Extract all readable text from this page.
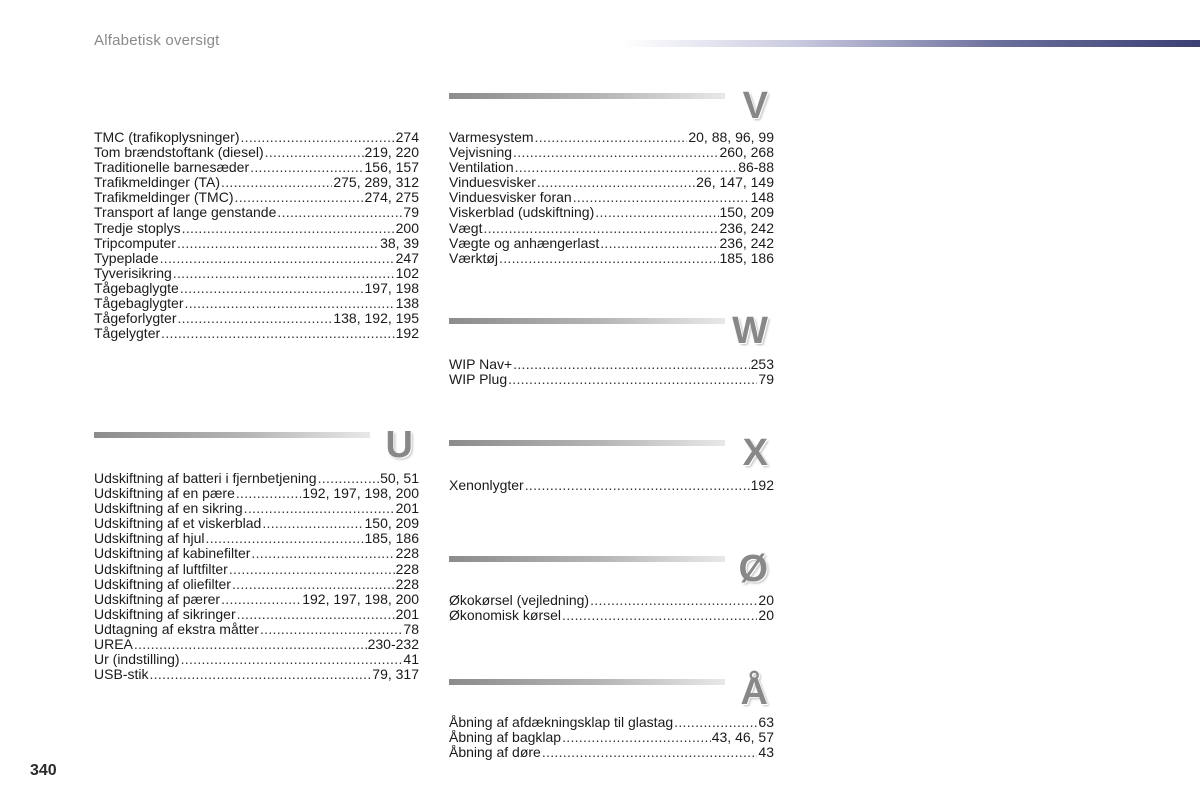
Alfabetisk oversigt
TMC (trafikoplysninger) .....	274
Tom brændstoftank (diesel) .....	219, 220
Traditionelle barnesæder .....	156, 157
Trafikmeldinger (TA) .....	275, 289, 312
Trafikmeldinger (TMC) .....	274, 275
Transport af lange genstande .....	79
Tredje stoplys .....	200
Tripcomputer .....	38, 39
Typeplade .....	247
Tyverisikring .....	102
Tågebaglygte .....	197, 198
Tågebaglygter .....	138
Tågeforlygter .....	138, 192, 195
Tågelygter .....	192
U
Udskiftning af batteri i fjernbetjening .....	50, 51
Udskiftning af en pære .....	192, 197, 198, 200
Udskiftning af en sikring .....	201
Udskiftning af et viskerblad .....	150, 209
Udskiftning af hjul .....	185, 186
Udskiftning af kabinefilter .....	228
Udskiftning af luftfilter .....	228
Udskiftning af oliefilter .....	228
Udskiftning af pærer .....	192, 197, 198, 200
Udskiftning af sikringer .....	201
Udtagning af ekstra måtter .....	78
UREA .....	230-232
Ur (indstilling) .....	41
USB-stik .....	79, 317
V
Varmesystem .....	20, 88, 96, 99
Vejvisning .....	260, 268
Ventilation .....	86-88
Vinduesvisker .....	26, 147, 149
Vinduesvisker foran .....	148
Viskerblad (udskiftning) .....	150, 209
Vægt .....	236, 242
Vægte og anhængerlast .....	236, 242
Værktøj .....	185, 186
W
WIP Nav+ .....	253
WIP Plug .....	79
X
Xenonlygter .....	192
Ø
Økokørsel (vejledning) .....	20
Økonomisk kørsel .....	20
Å
Åbning af afdækningsklap til glastag .....	63
Åbning af bagklap .....	43, 46, 57
Åbning af døre .....	43
340
